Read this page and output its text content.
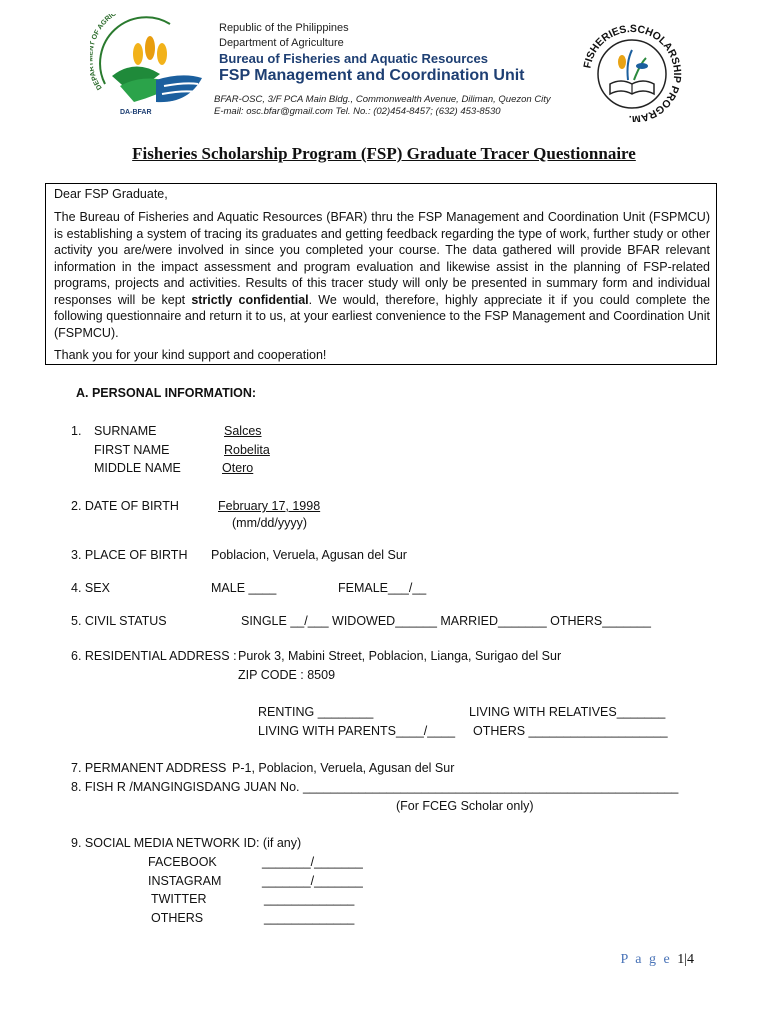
DEPA OF AGRIC
DA-BFAR
Republic of the Philippines
Department of Agriculture
Bureau of Fisheries and Aquatic Resources
FSP Management and Coordination Unit
BFAR-OSC, 3/F PCA Main Bldg., Commonwealth Avenue, Diliman, Quezon City
E-mail: osc.bfar@gmail.com Tel. No.: (02)454-8457; (632) 453-8530
FISHERIES.SCHOLARSHIP PROGRAM.
Fisheries Scholarship Program (FSP) Graduate Tracer Questionnaire

Dear FSP Graduate,

The Bureau of Fisheries and Aquatic Resources (BFAR) thru the FSP Management and Coordination Unit (FSPMCU) is establishing a system of tracing its graduates and getting feedback regarding the type of work, further study or other activity you are/were involved in since you completed your course. The data gathered will provide BFAR relevant information in the impact assessment and program evaluation and likewise assist in the planning of FSP-related programs, projects and activities. Results of this tracer study will only be presented in summary form and individual responses will be kept strictly confidential. We would, therefore, highly appreciate it if you could complete the following questionnaire and return it to us, at your earliest convenience to the FSP Management and Coordination Unit (FSPMCU).

Thank you for your kind support and cooperation!

A. PERSONAL INFORMATION:
1. SURNAME	Salces
FIRST NAME	Robelita
MIDDLE NAME	Otero
2. DATE OF BIRTH	February 17, 1998
(mm/dd/yyyy)
3. PLACE OF BIRTH Poblacion, Veruela, Agusan del Sur
4. SEX	MALE ____	FEMALE___/__
5. CIVIL STATUS	SINGLE __/___ WIDOWED______ MARRIED_______ OTHERS_______
6. RESIDENTIAL ADDRESS : Purok 3, Mabini Street, Poblacion, Lianga, Surigao del Sur
ZIP CODE : 8509
RENTING ________	LIVING WITH RELATIVES_______
LIVING WITH PARENTS____/____ OTHERS ____________________
7. PERMANENT ADDRESS P-1, Poblacion, Veruela, Agusan del Sur
8. FISH R /MANGINGISDANG JUAN No. ______________________________________________________
(For FCEG Scholar only)
9. SOCIAL MEDIA NETWORK ID: (if any)
FACEBOOK	_______/_______
INSTAGRAM	_______/_______
TWITTER	_____________
OTHERS	_____________
P a g e 1|4
